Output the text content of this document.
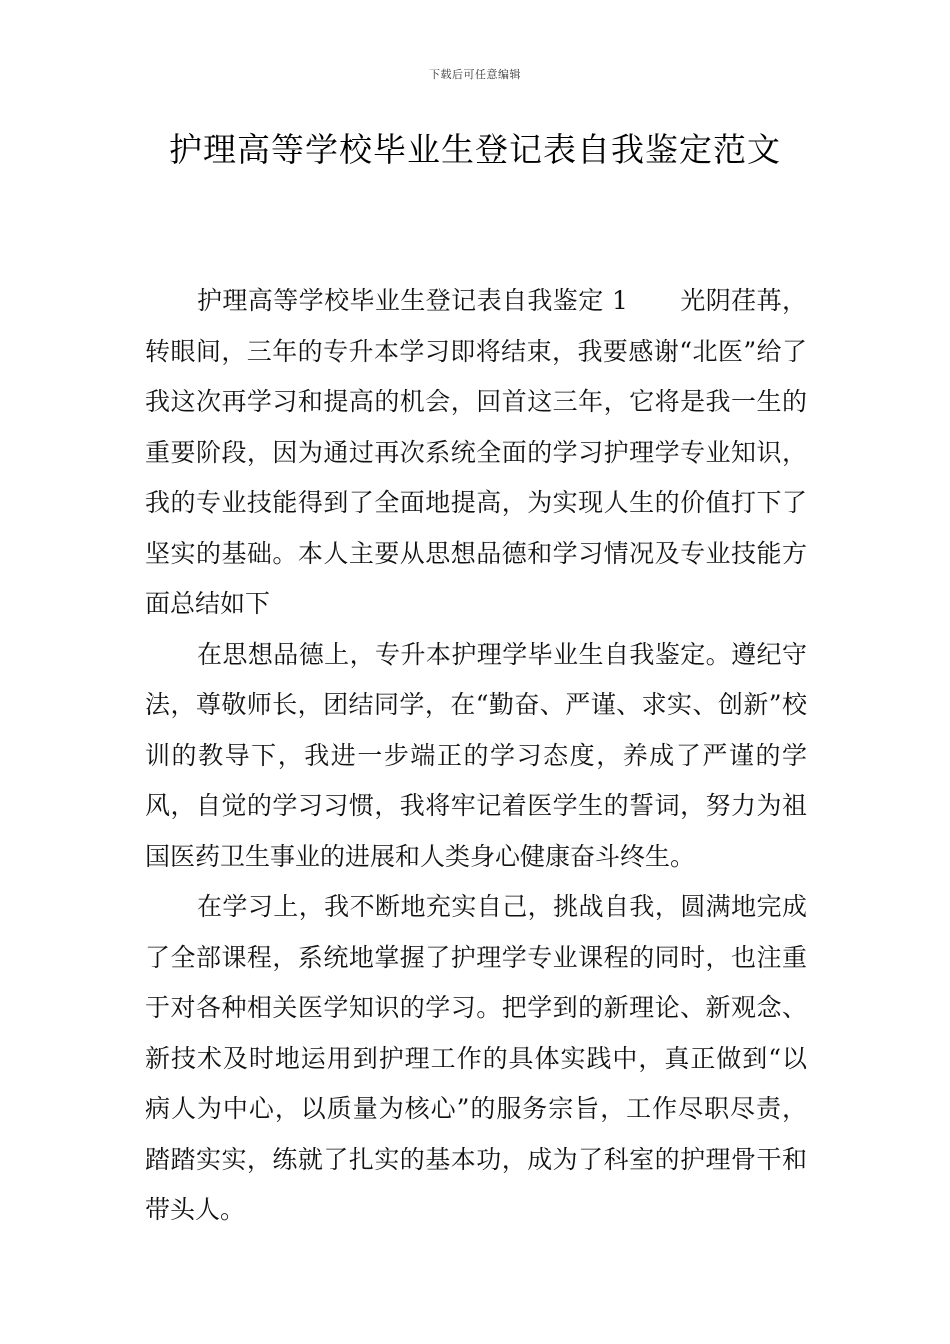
下载后可任意编辑
护理高等学校毕业生登记表自我鉴定范文

护理高等学校毕业生登记表自我鉴定 1 光阴荏苒，转眼间，三年的专升本学习即将结束，我要感谢“北医”给了我这次再学习和提高的机会，回首这三年，它将是我一生的重要阶段，因为通过再次系统全面的学习护理学专业知识，我的专业技能得到了全面地提高，为实现人生的价值打下了坚实的基础。本人主要从思想品德和学习情况及专业技能方面总结如下

在思想品德上，专升本护理学毕业生自我鉴定。遵纪守法，尊敬师长，团结同学，在“勤奋、严谨、求实、创新”校训的教导下，我进一步端正的学习态度，养成了严谨的学风，自觉的学习习惯，我将牢记着医学生的誓词，努力为祖国医药卫生事业的进展和人类身心健康奋斗终生。

在学习上，我不断地充实自己，挑战自我，圆满地完成了全部课程，系统地掌握了护理学专业课程的同时，也注重于对各种相关医学知识的学习。把学到的新理论、新观念、新技术及时地运用到护理工作的具体实践中，真正做到“以病人为中心，以质量为核心”的服务宗旨，工作尽职尽责，踏踏实实，练就了扎实的基本功，成为了科室的护理骨干和带头人。
